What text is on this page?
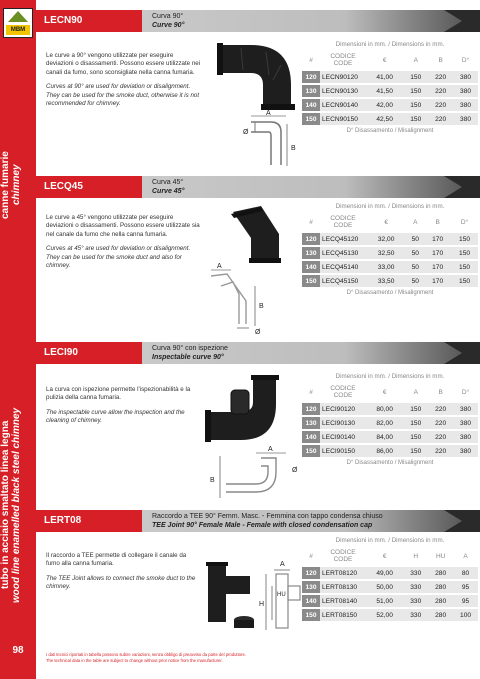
MBM
canne fumarie
chimney
tubo in acciaio smaltato linea legna
wood line enamelled black steel chimney
98
LECN90	Curva 90°
Curve 90°

Le curve a 90° vengono utilizzate per eseguire deviazioni o disassamenti. Possono essere utilizzate nei canali da fumo, sono sconsigliate nella canna fumaria.

Curves at 90° are used for deviation or disalignment. They can be used for the smoke duct, otherwise it is not recommended for chimney.

A
B
Ø
Dimensioni in mm. / Dimensions in mm.
#	CODICE
CODE	€	A	B	D°
120	LECN90120	41,00	150	220	380
130	LECN90130	41,50	150	220	380
140	LECN90140	42,00	150	220	380
150	LECN90150	42,50	150	220	380
D° Disassamento / Misalignment
LECQ45	Curva 45°
Curve 45°

Le curve a 45° vengono utilizzate per eseguire deviazioni o disassamenti. Possono essere utilizzate sia nel canale da fumo che nella canna fumaria.

Curves at 45° are used for deviation or disalignment. They can be used for the smoke duct and also for chimney.	A
B
Ø
Dimensioni in mm. / Dimensions in mm.
#	CODICE
CODE	€	A	B	D°
120	LECQ45120	32,00	50	170	150
130	LECQ45130	32,50	50	170	150
140	LECQ45140	33,00	50	170	150
150	LECQ45150	33,50	50	170	150
D° Disassamento / Misalignment
LECI90	Curva 90° con ispezione
Inspectable curve 90°

La curva con ispezione permette l'ispezionabilità e la pulizia della canna fumaria.

The inspectable curve allow the inspection and the cleaning of chimney.

A
B
Ø
Dimensioni in mm. / Dimensions in mm.
#	CODICE
CODE	€	A	B	D°
120	LECI90120	80,00	150	220	380
130	LECI90130	82,00	150	220	380
140	LECI90140	84,00	150	220	380
150	LECI90150	86,00	150	220	380
D° Disassamento / Misalignment
LERT08	Raccordo a TEE 90° Femm. Masc. - Femmina con tappo condensa chiuso
TEE Joint 90° Female Male - Female with closed condensation cap

Il raccordo a TEE permette di collegare il canale da fumo alla canna fumaria.

The TEE Joint allows to connect the smoke duct to the chimney.

A
H
HU
Dimensioni in mm. / Dimensions in mm.
#	CODICE
CODE	€	H	HU	A
120	LERT08120	49,00	330	280	80
130	LERT08130	50,00	330	280	95
140	LERT08140	51,00	330	280	95
150	LERT08150	52,00	330	280	100
I dati tecnici riportati in tabella possono subire variazioni, senza obbligo di preavviso da parte del produttore.
The technical data in the table are subject to change without prior notice from the manufacturer.
